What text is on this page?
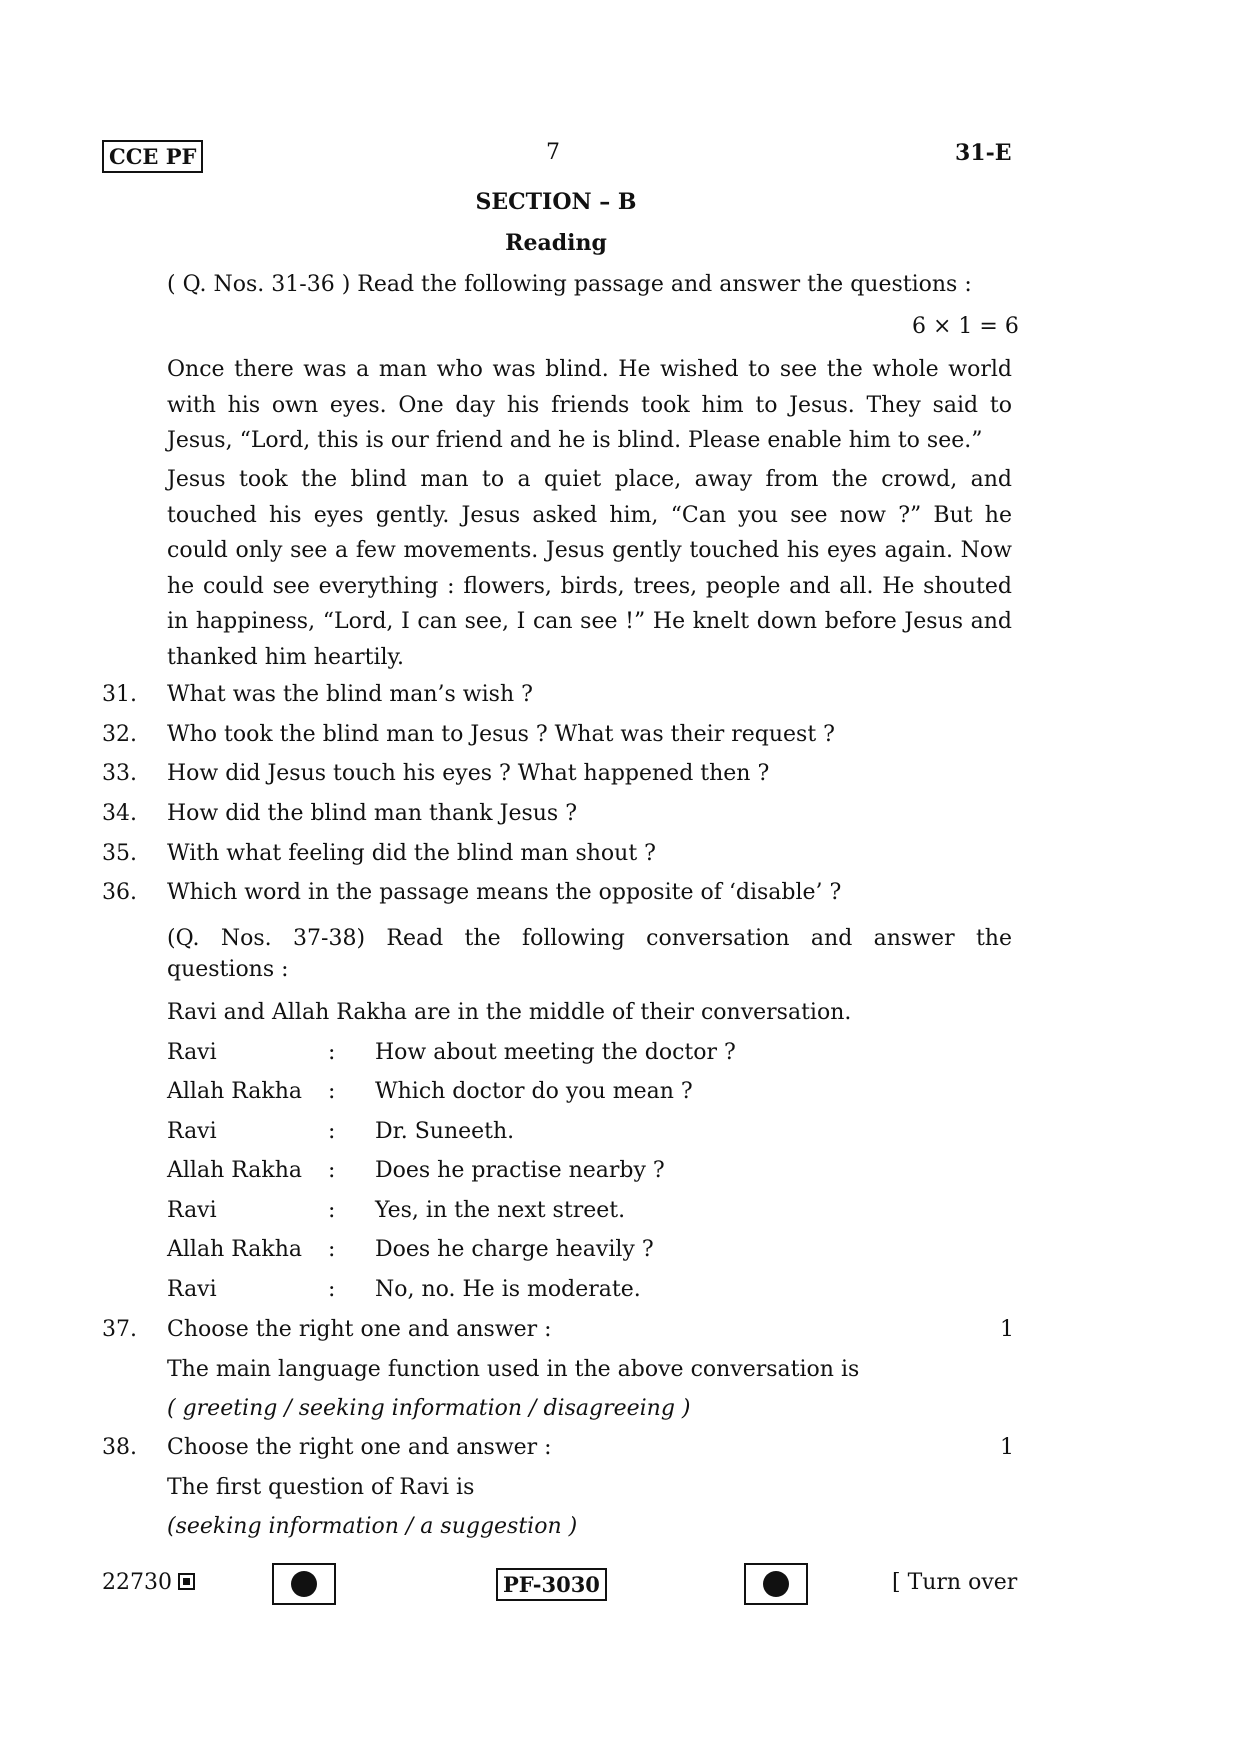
CCE PF	7	31-E
SECTION – B
Reading
( Q. Nos. 31-36 ) Read the following passage and answer the questions :
6 × 1 = 6
Once there was a man who was blind. He wished to see the whole world with his own eyes. One day his friends took him to Jesus. They said to Jesus, “Lord, this is our friend and he is blind. Please enable him to see.”
Jesus took the blind man to a quiet place, away from the crowd, and touched his eyes gently. Jesus asked him, “Can you see now ?” But he could only see a few movements. Jesus gently touched his eyes again. Now he could see everything : flowers, birds, trees, people and all. He shouted in happiness, “Lord, I can see, I can see !” He knelt down before Jesus and thanked him heartily.
31. What was the blind man’s wish ?
32. Who took the blind man to Jesus ? What was their request ?
33. How did Jesus touch his eyes ? What happened then ?
34. How did the blind man thank Jesus ?
35. With what feeling did the blind man shout ?
36. Which word in the passage means the opposite of ‘disable’ ?
(Q. Nos. 37-38) Read the following conversation and answer the
questions :
Ravi and Allah Rakha are in the middle of their conversation.
Ravi	: How about meeting the doctor ?
Allah Rakha : Which doctor do you mean ?
Ravi	: Dr. Suneeth.
Allah Rakha : Does he practise nearby ?
Ravi	: Yes, in the next street.
Allah Rakha : Does he charge heavily ?
Ravi	: No, no. He is moderate.
37. Choose the right one and answer :	1
The main language function used in the above conversation is
( greeting / seeking information / disagreeing )
38. Choose the right one and answer :	1
The first question of Ravi is
(seeking information / a suggestion )
22730	PF-3030	[ Turn over
